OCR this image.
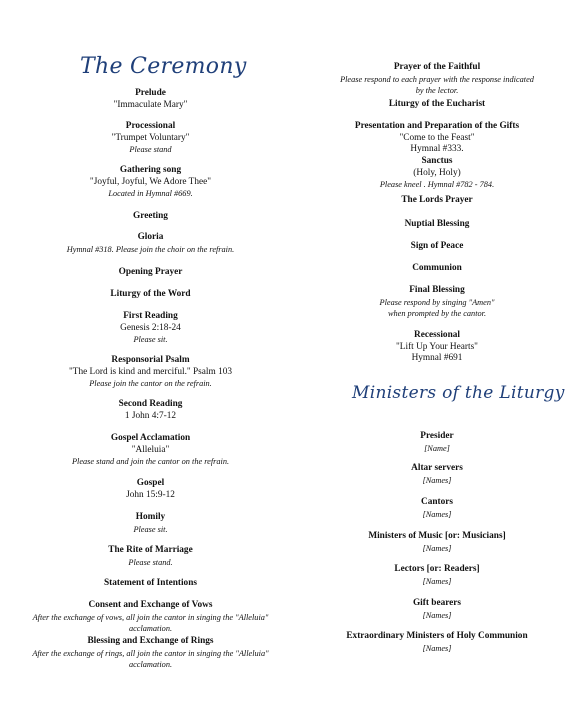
The Ceremony
Ministers of the Liturgy
Prelude
"Immaculate Mary"
Processional
"Trumpet Voluntary"
Please stand
Gathering song
"Joyful, Joyful, We Adore Thee"
Located in Hymnal #669.
Greeting
Gloria
Hymnal #318. Please join the choir on the refrain.
Opening Prayer
Liturgy of the Word
First Reading
Genesis 2:18-24
Please sit.
Responsorial Psalm
"The Lord is kind and merciful." Psalm 103
Please join the cantor on the refrain.
Second Reading
1 John 4:7-12
Gospel Acclamation
"Alleluia"
Please stand and join the cantor on the refrain.
Gospel
John 15:9-12
Homily
Please sit.
The Rite of Marriage
Please stand.
Statement of Intentions
Consent and Exchange of Vows
After the exchange of vows, all join the cantor in singing the "Alleluia"
acclamation.
Blessing and Exchange of Rings
After the exchange of rings, all join the cantor in singing the "Alleluia"
acclamation.
Prayer of the Faithful
Please respond to each prayer with the response indicated
by the lector.
Liturgy of the Eucharist
Presentation and Preparation of the Gifts
"Come to the Feast"
Hymnal #333.
Sanctus
(Holy, Holy)
Please kneel . Hymnal #782 - 784.
The Lords Prayer
Nuptial Blessing
Sign of Peace
Communion
Final Blessing
Please respond by singing "Amen"
when prompted by the cantor.
Recessional
"Lift Up Your Hearts"
Hymnal #691
Presider
[Name]
Altar servers
[Names]
Cantors
[Names]
Ministers of Music [or: Musicians]
[Names]
Lectors [or: Readers]
[Names]
Gift bearers
[Names]
Extraordinary Ministers of Holy Communion
[Names]
